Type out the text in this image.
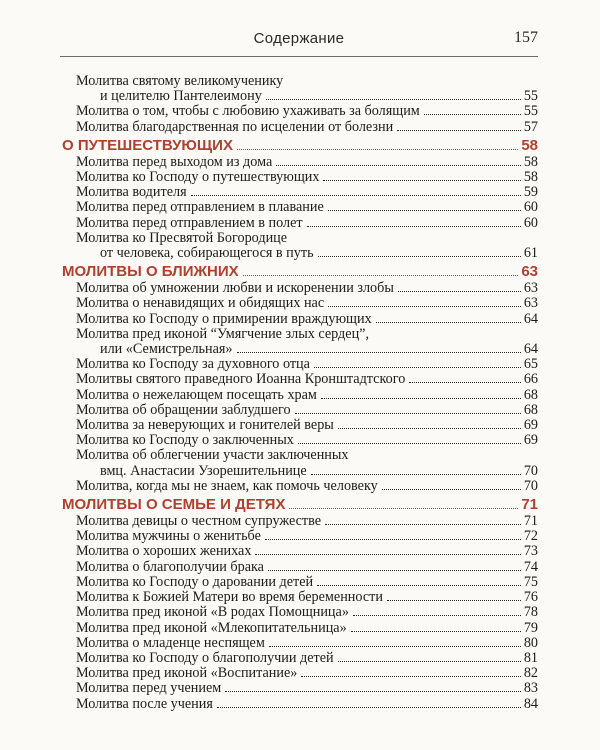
Содержание	157
Молитва святому великомученику
и целителю Пантелеимону	55
Молитва о том, чтобы с любовию ухаживать за болящим	55
Молитва благодарственная по исцелении от болезни	57
О ПУТЕШЕСТВУЮЩИХ	58
Молитва перед выходом из дома	58
Молитва ко Господу о путешествующих	58
Молитва водителя	59
Молитва перед отправлением в плавание	60
Молитва перед отправлением в полет	60
Молитва ко Пресвятой Богородице
от человека, собирающегося в путь	61
МОЛИТВЫ О БЛИЖНИХ	63
Молитва об умножении любви и искоренении злобы	63
Молитва о ненавидящих и обидящих нас	63
Молитва ко Господу о примирении враждующих	64
Молитва пред иконой “Умягчение злых сердец”,
или «Семистрельная»	64
Молитва ко Господу за духовного отца	65
Молитвы святого праведного Иоанна Кронштадтского	66
Молитва о нежелающем посещать храм	68
Молитва об обращении заблудшего	68
Молитва за неверующих и гонителей веры	69
Молитва ко Господу о заключенных	69
Молитва об облегчении участи заключенных
вмц. Анастасии Узорешительнице	70
Молитва, когда мы не знаем, как помочь человеку	70
МОЛИТВЫ О СЕМЬЕ И ДЕТЯХ	71
Молитва девицы о честном супружестве	71
Молитва мужчины о женитьбе	72
Молитва о хороших женихах	73
Молитва о благополучии брака	74
Молитва ко Господу о даровании детей	75
Молитва к Божией Матери во время беременности	76
Молитва пред иконой «В родах Помощница»	78
Молитва пред иконой «Млекопитательница»	79
Молитва о младенце неспящем	80
Молитва ко Господу о благополучии детей	81
Молитва пред иконой «Воспитание»	82
Молитва перед учением	83
Молитва после учения	84
